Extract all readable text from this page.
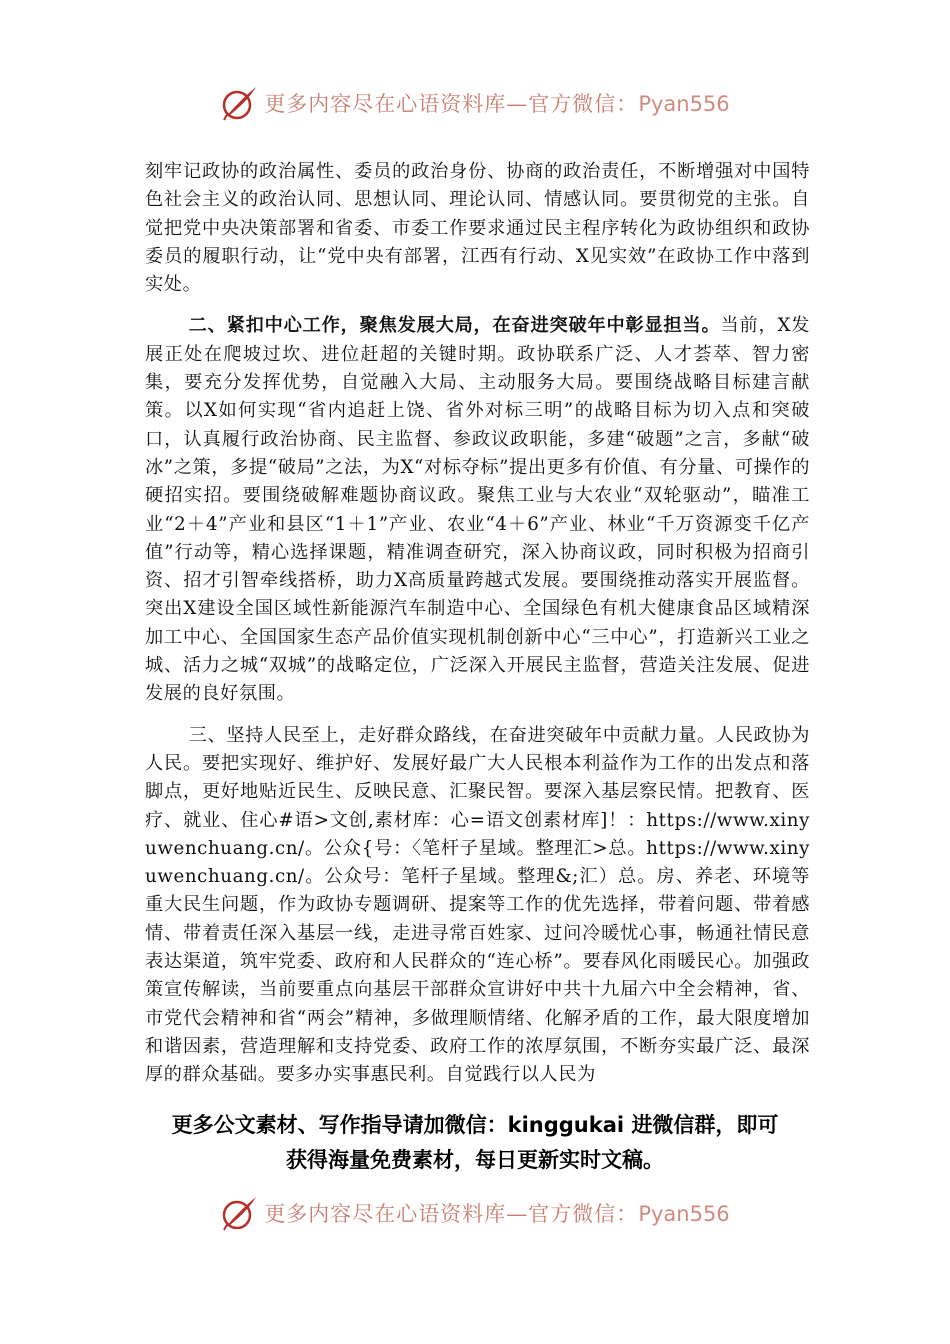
更多内容尽在心语资料库—官方微信：Pyan556

刻牢记政协的政治属性、委员的政治身份、协商的政治责任，不断增强对中国特色社会主义的政治认同、思想认同、理论认同、情感认同。要贯彻党的主张。自觉把党中央决策部署和省委、市委工作要求通过民主程序转化为政协组织和政协委员的履职行动，让“党中央有部署，江西有行动、X见实效”在政协工作中落到实处。

二、紧扣中心工作，聚焦发展大局，在奋进突破年中彰显担当。当前，X发展正处在爬坡过坎、进位赶超的关键时期。政协联系广泛、人才荟萃、智力密集，要充分发挥优势，自觉融入大局、主动服务大局。要围绕战略目标建言献策。以X如何实现“省内追赶上饶、省外对标三明”的战略目标为切入点和突破口，认真履行政治协商、民主监督、参政议政职能，多建“破题”之言，多献“破冰”之策，多提“破局”之法，为X“对标夺标”提出更多有价值、有分量、可操作的硬招实招。要围绕破解难题协商议政。聚焦工业与大农业“双轮驱动”，瞄准工业“2＋4”产业和县区“1＋1”产业、农业“4＋6”产业、林业“千万资源变千亿产值”行动等，精心选择课题，精准调查研究，深入协商议政，同时积极为招商引资、招才引智牵线搭桥，助力X高质量跨越式发展。要围绕推动落实开展监督。突出X建设全国区域性新能源汽车制造中心、全国绿色有机大健康食品区域精深加工中心、全国国家生态产品价值实现机制创新中心“三中心”，打造新兴工业之城、活力之城“双城”的战略定位，广泛深入开展民主监督，营造关注发展、促进发展的良好氛围。

三、坚持人民至上，走好群众路线，在奋进突破年中贡献力量。人民政协为人民。要把实现好、维护好、发展好最广大人民根本利益作为工作的出发点和落脚点，更好地贴近民生、反映民意、汇聚民智。要深入基层察民情。把教育、医疗、就业、住心#语>文创,素材库：心=语文创素材库]！：https://www.xinyuwenchuang.cn/。公众{号：〈笔杆子星域。整理汇>总。https://www.xinyuwenchuang.cn/。公众号：笔杆子星域。整理&;汇）总。房、养老、环境等重大民生问题，作为政协专题调研、提案等工作的优先选择，带着问题、带着感情、带着责任深入基层一线，走进寻常百姓家、过问冷暖忧心事，畅通社情民意表达渠道，筑牢党委、政府和人民群众的“连心桥”。要春风化雨暖民心。加强政策宣传解读，当前要重点向基层干部群众宣讲好中共十九届六中全会精神，省、市党代会精神和省“两会”精神，多做理顺情绪、化解矛盾的工作，最大限度增加和谐因素，营造理解和支持党委、政府工作的浓厚氛围，不断夯实最广泛、最深厚的群众基础。要多办实事惠民利。自觉践行以人民为

更多公文素材、写作指导请加微信：kinggukai 进微信群，即可
获得海量免费素材，每日更新实时文稿。
更多内容尽在心语资料库—官方微信：Pyan556
